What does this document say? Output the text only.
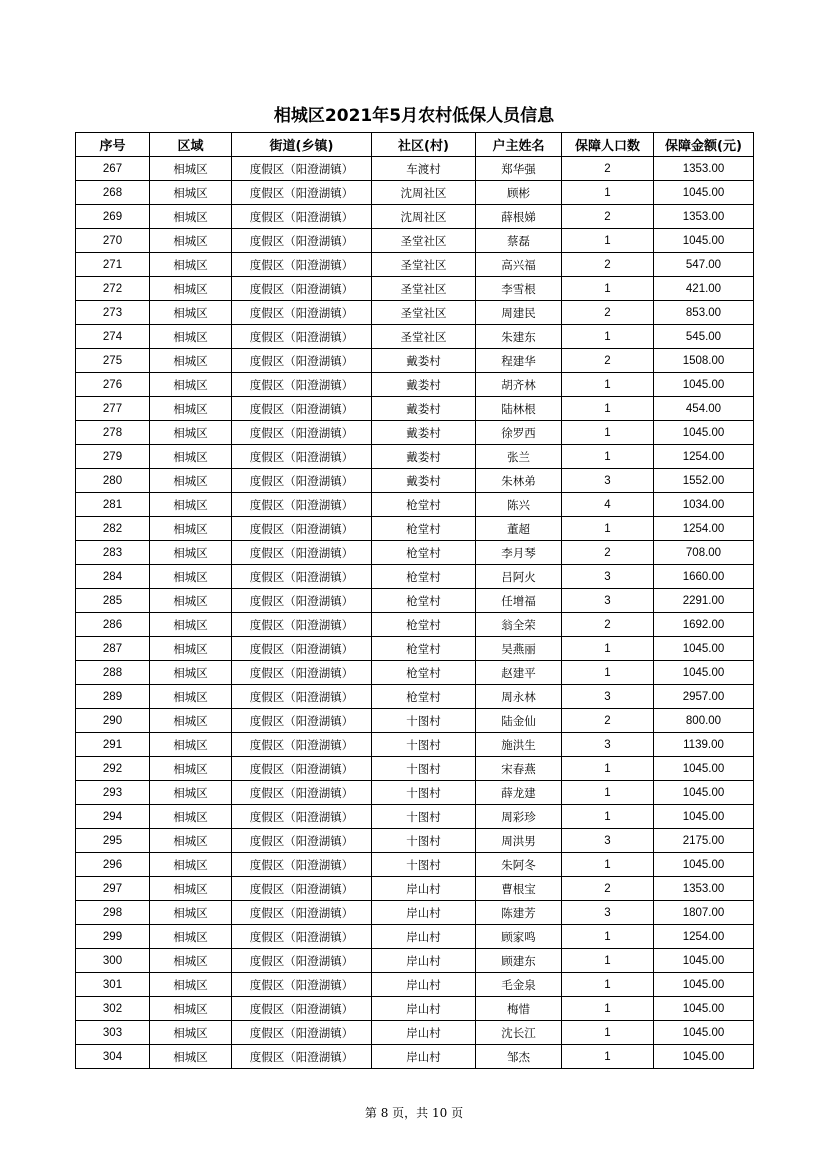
相城区2021年5月农村低保人员信息
序号	区域	街道(乡镇)	社区(村)	户主姓名	保障人口数	保障金额(元)
267	相城区	度假区（阳澄湖镇）	车渡村	郑华强	2	1353.00
268	相城区	度假区（阳澄湖镇）	沈周社区	顾彬	1	1045.00
269	相城区	度假区（阳澄湖镇）	沈周社区	薛根娣	2	1353.00
270	相城区	度假区（阳澄湖镇）	圣堂社区	蔡磊	1	1045.00
271	相城区	度假区（阳澄湖镇）	圣堂社区	高兴福	2	547.00
272	相城区	度假区（阳澄湖镇）	圣堂社区	李雪根	1	421.00
273	相城区	度假区（阳澄湖镇）	圣堂社区	周建民	2	853.00
274	相城区	度假区（阳澄湖镇）	圣堂社区	朱建东	1	545.00
275	相城区	度假区（阳澄湖镇）	戴娄村	程建华	2	1508.00
276	相城区	度假区（阳澄湖镇）	戴娄村	胡齐林	1	1045.00
277	相城区	度假区（阳澄湖镇）	戴娄村	陆林根	1	454.00
278	相城区	度假区（阳澄湖镇）	戴娄村	徐罗西	1	1045.00
279	相城区	度假区（阳澄湖镇）	戴娄村	张兰	1	1254.00
280	相城区	度假区（阳澄湖镇）	戴娄村	朱林弟	3	1552.00
281	相城区	度假区（阳澄湖镇）	枪堂村	陈兴	4	1034.00
282	相城区	度假区（阳澄湖镇）	枪堂村	董超	1	1254.00
283	相城区	度假区（阳澄湖镇）	枪堂村	李月琴	2	708.00
284	相城区	度假区（阳澄湖镇）	枪堂村	吕阿火	3	1660.00
285	相城区	度假区（阳澄湖镇）	枪堂村	任增福	3	2291.00
286	相城区	度假区（阳澄湖镇）	枪堂村	翁全荣	2	1692.00
287	相城区	度假区（阳澄湖镇）	枪堂村	吴燕丽	1	1045.00
288	相城区	度假区（阳澄湖镇）	枪堂村	赵建平	1	1045.00
289	相城区	度假区（阳澄湖镇）	枪堂村	周永林	3	2957.00
290	相城区	度假区（阳澄湖镇）	十图村	陆金仙	2	800.00
291	相城区	度假区（阳澄湖镇）	十图村	施洪生	3	1139.00
292	相城区	度假区（阳澄湖镇）	十图村	宋春燕	1	1045.00
293	相城区	度假区（阳澄湖镇）	十图村	薛龙建	1	1045.00
294	相城区	度假区（阳澄湖镇）	十图村	周彩珍	1	1045.00
295	相城区	度假区（阳澄湖镇）	十图村	周洪男	3	2175.00
296	相城区	度假区（阳澄湖镇）	十图村	朱阿冬	1	1045.00
297	相城区	度假区（阳澄湖镇）	岸山村	曹根宝	2	1353.00
298	相城区	度假区（阳澄湖镇）	岸山村	陈建芳	3	1807.00
299	相城区	度假区（阳澄湖镇）	岸山村	顾家鸣	1	1254.00
300	相城区	度假区（阳澄湖镇）	岸山村	顾建东	1	1045.00
301	相城区	度假区（阳澄湖镇）	岸山村	毛金泉	1	1045.00
302	相城区	度假区（阳澄湖镇）	岸山村	梅惜	1	1045.00
303	相城区	度假区（阳澄湖镇）	岸山村	沈长江	1	1045.00
304	相城区	度假区（阳澄湖镇）	岸山村	邹杰	1	1045.00
第 8 页，共 10 页
